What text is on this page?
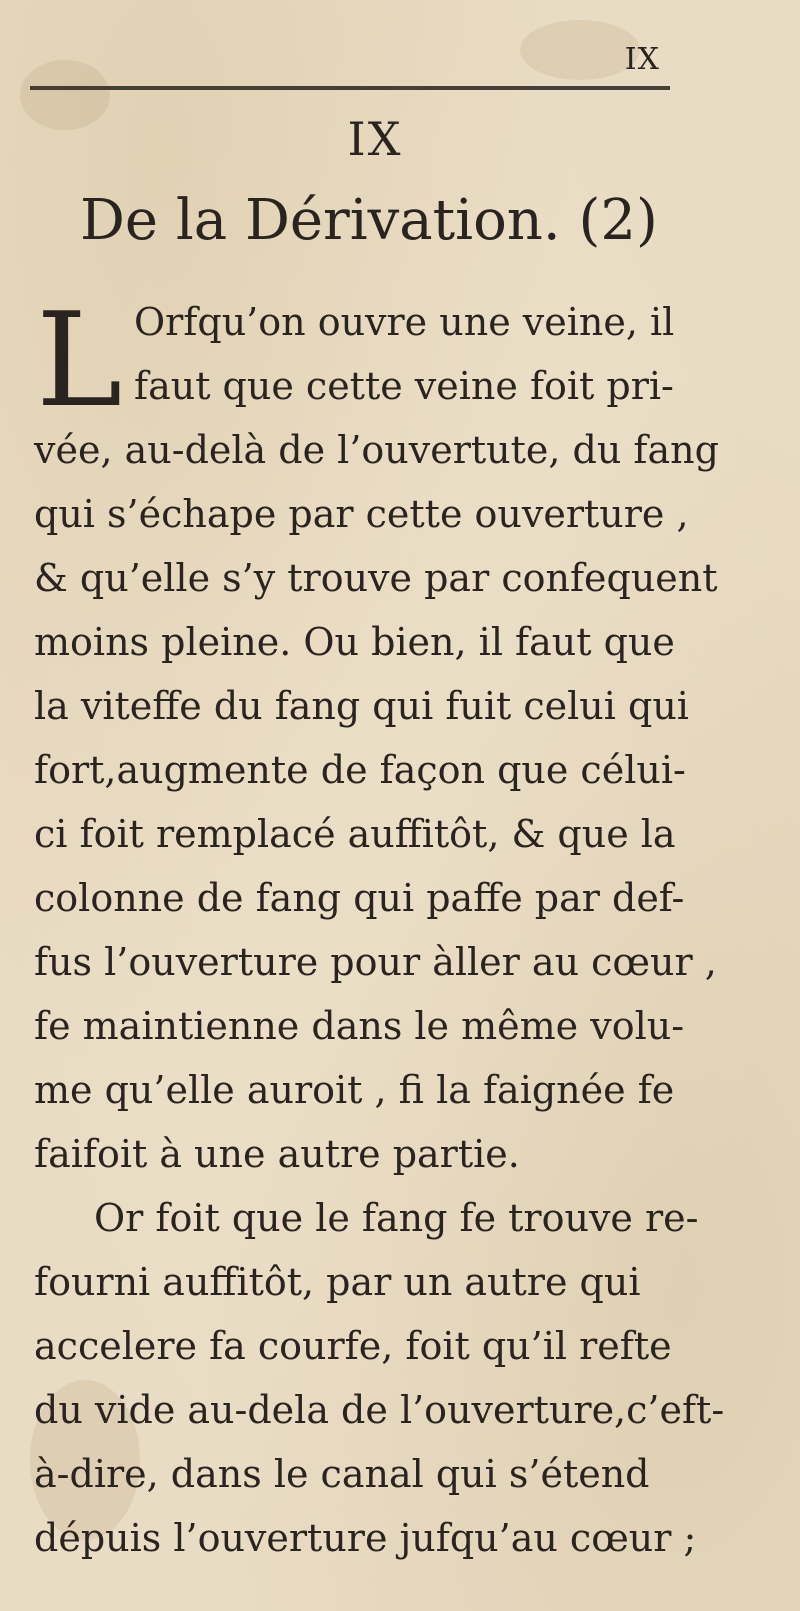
IX
IX
De la Dérivation. (2)
L Orfqu’on ouvre une veine, il
faut que cette veine foit pri-
vée, au-delà de l’ouvertute, du fang
qui s’échape par cette ouverture ,
& qu’elle s’y trouve par confequent
moins pleine. Ou bien, il faut que
la viteffe du fang qui fuit celui qui
fort,augmente de façon que célui-
ci foit remplacé auffitôt, & que la
colonne de fang qui paffe par def-
fus l’ouverture pour àller au cœur ,
fe maintienne dans le même volu-
me qu’elle auroit , fi la faignée fe
faifoit à une autre partie.
Or foit que le fang fe trouve re-
fourni auffitôt, par un autre qui
accelere fa courfe, foit qu’il refte
du vide au-dela de l’ouverture,c’eft-
à-dire, dans le canal qui s’étend
dépuis l’ouverture jufqu’au cœur ;
